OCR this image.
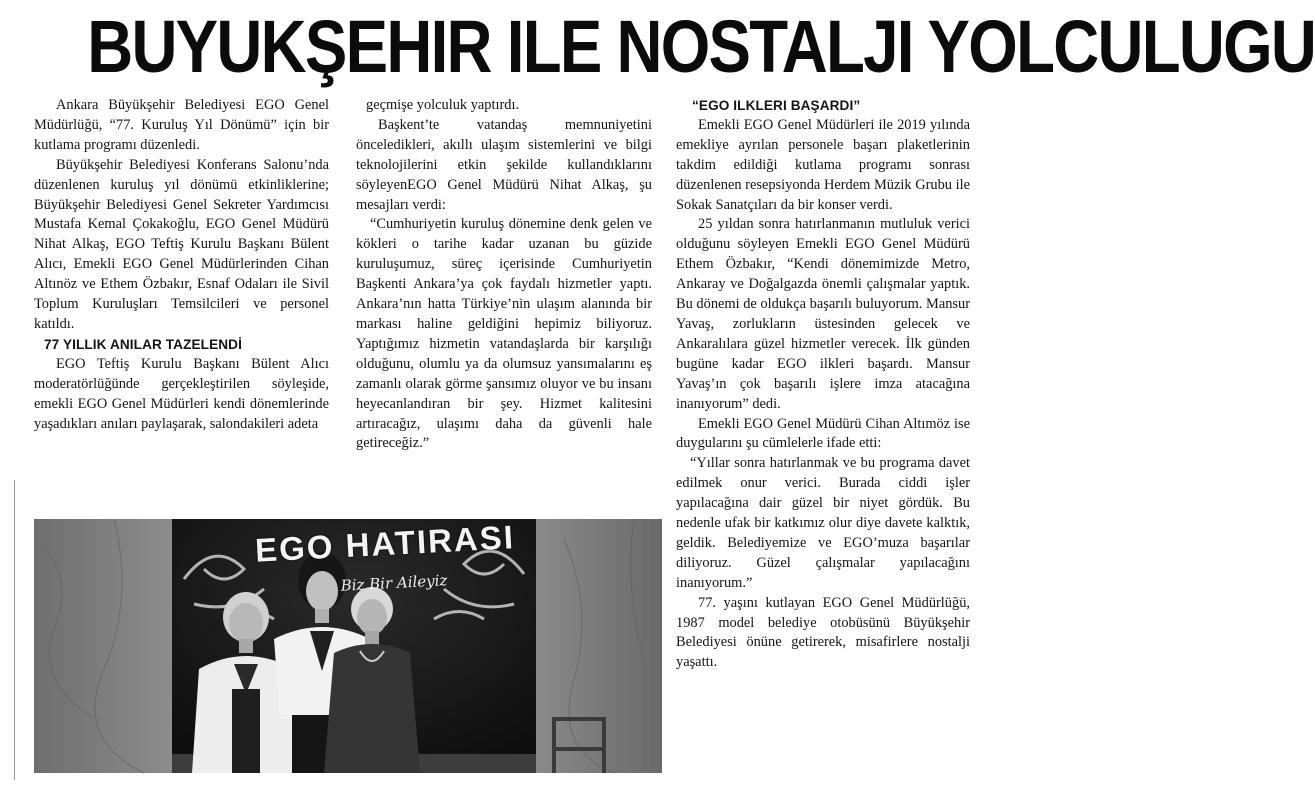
BUYUKŞEHIR ILE NOSTALJI YOLCULUGU

Ankara Büyükşehir Belediyesi EGO Genel Müdürlüğü, “77. Kuruluş Yıl Dönümü” için bir kutlama programı düzenledi.

Büyükşehir Belediyesi Konferans Salonu’nda düzenlenen kuruluş yıl dönümü etkinliklerine; Büyükşehir Belediyesi Genel Sekreter Yardımcısı Mustafa Kemal Çokakoğlu, EGO Genel Müdürü Nihat Alkaş, EGO Teftiş Kurulu Başkanı Bülent Alıcı, Emekli EGO Genel Müdürlerinden Cihan Altınöz ve Ethem Özbakır, Esnaf Odaları ile Sivil Toplum Kuruluşları Temsilcileri ve personel katıldı.

77 YILLIK ANILAR TAZELENDİ

EGO Teftiş Kurulu Başkanı Bülent Alıcı moderatörlüğünde gerçekleştirilen söyleşide, emekli EGO Genel Müdürleri kendi dönemlerinde yaşadıkları anıları paylaşarak, salondakileri adeta

geçmişe yolculuk yaptırdı.

Başkent’te vatandaş memnuniyetini önceledikleri, akıllı ulaşım sistemlerini ve bilgi teknolojilerini etkin şekilde kullandıklarını söyleyenEGO Genel Müdürü Nihat Alkaş, şu mesajları verdi:

“Cumhuriyetin kuruluş dönemine denk gelen ve kökleri o tarihe kadar uzanan bu güzide kuruluşumuz, süreç içerisinde Cumhuriyetin Başkenti Ankara’ya çok faydalı hizmetler yaptı. Ankara’nın hatta Türkiye’nin ulaşım alanında bir markası haline geldiğini hepimiz biliyoruz. Yaptığımız hizmetin vatandaşlarda bir karşılığı olduğunu, olumlu ya da olumsuz yansımalarını eş zamanlı olarak görme şansımız oluyor ve bu insanı heyecanlandıran bir şey. Hizmet kalitesini artıracağız, ulaşımı daha da güvenli hale getireceğiz.”

“EGO ILKLERI BAŞARDI”

Emekli EGO Genel Müdürleri ile 2019 yılında emekliye ayrılan personele başarı plaketlerinin takdim edildiği kutlama programı sonrası düzenlenen resepsiyonda Herdem Müzik Grubu ile Sokak Sanatçıları da bir konser verdi.

25 yıldan sonra hatırlanmanın mutluluk verici olduğunu söyleyen Emekli EGO Genel Müdürü Ethem Özbakır, “Kendi dönemimizde Metro, Ankaray ve Doğalgazda önemli çalışmalar yaptık. Bu dönemi de oldukça başarılı buluyorum. Mansur Yavaş, zorlukların üstesinden gelecek ve Ankaralılara güzel hizmetler verecek. İlk günden bugüne kadar EGO ilkleri başardı. Mansur Yavaş’ın çok başarılı işlere imza atacağına inanıyorum” dedi.

Emekli EGO Genel Müdürü Cihan Altımöz ise duygularını şu cümlelerle ifade etti:

“Yıllar sonra hatırlanmak ve bu programa davet edilmek onur verici. Burada ciddi işler yapılacağına dair güzel bir niyet gördük. Bu nedenle ufak bir katkımız olur diye davete kalktık, geldik. Belediyemize ve EGO’muza başarılar diliyoruz. Güzel çalışmalar yapılacağını inanıyorum.”

77. yaşını kutlayan EGO Genel Müdürlüğü, 1987 model belediye otobüsünü Büyükşehir Belediyesi önüne getirerek, misafirlere nostalji yaşattı.

EGO HATIRASI
Biz Bir Aileyiz
